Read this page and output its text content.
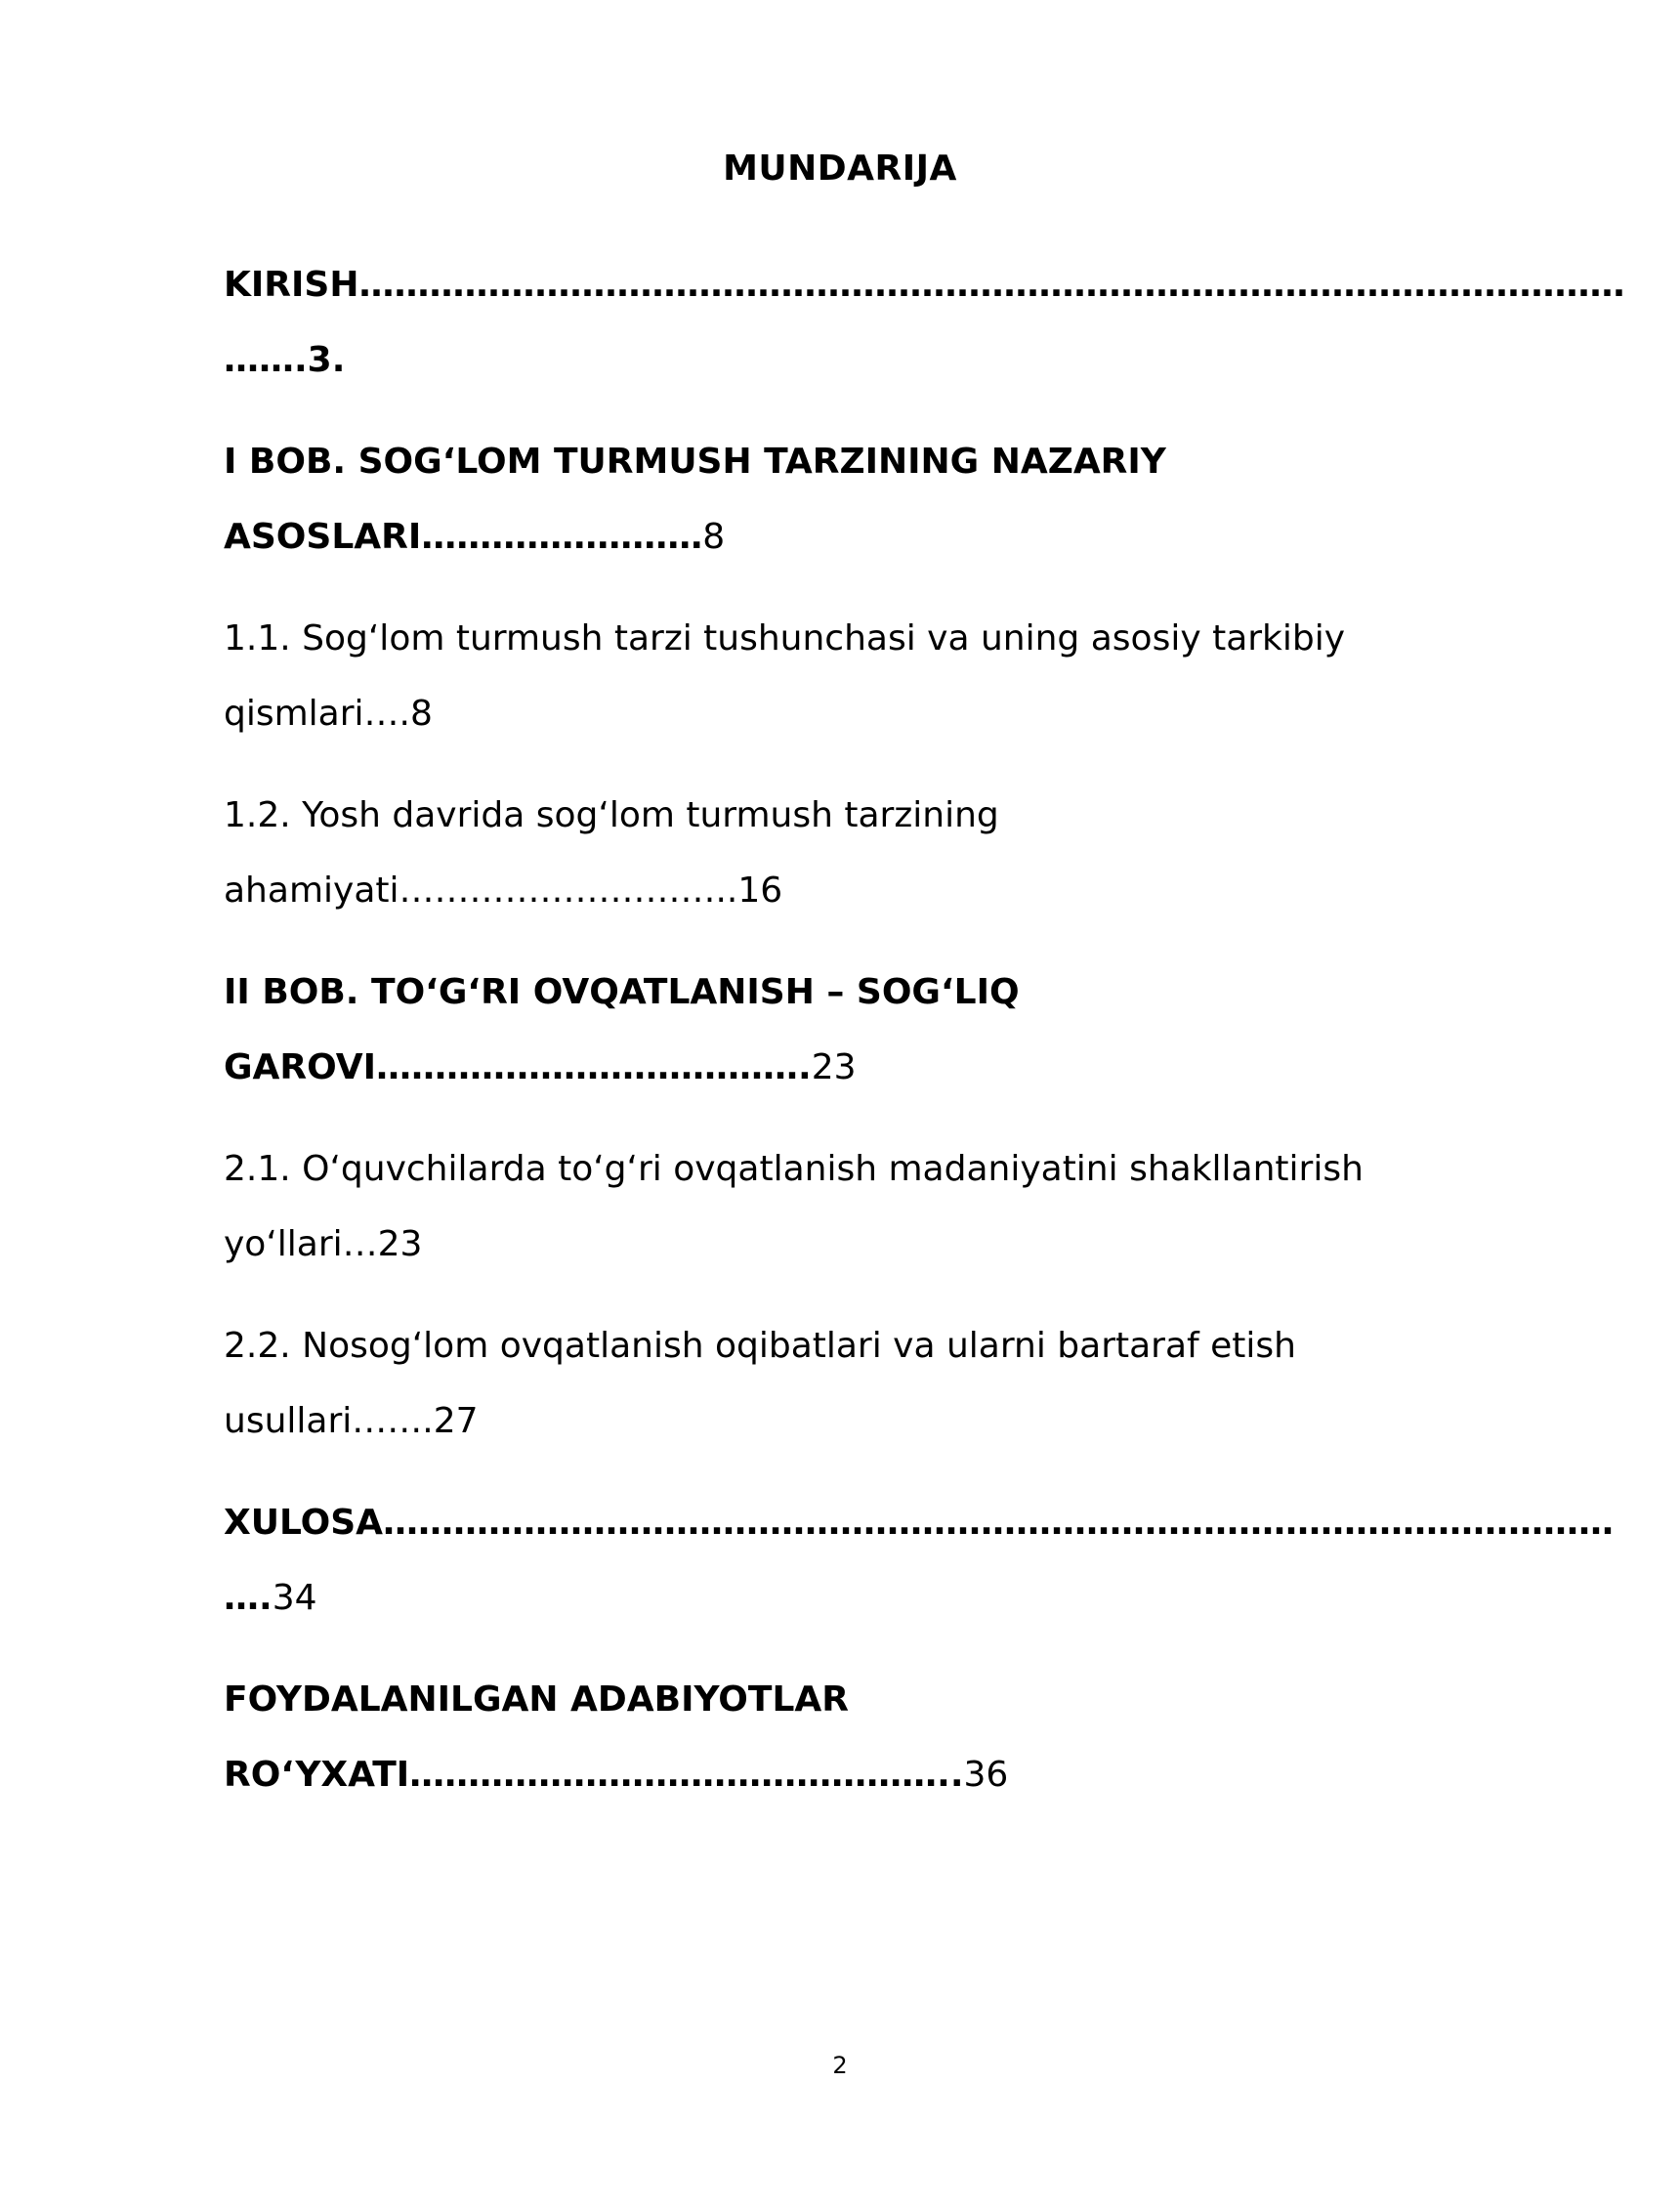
MUNDARIJA
KIRISH………………………………………………………………………………………………
…….3.
I BOB. SOG‘LOM TURMUSH TARZINING NAZARIY
ASOSLARI……………………8
1.1. Sog‘lom turmush tarzi tushunchasi va uning asosiy tarkibiy
qismlari….8
1.2. Yosh davrida sog‘lom turmush tarzining
ahamiyati………………………..16
II BOB. TO‘G‘RI OVQATLANISH – SOG‘LIQ
GAROVI……………………………….23
2.1. O‘quvchilarda to‘g‘ri ovqatlanish madaniyatini shakllantirish
yo‘llari…23
2.2. Nosog‘lom ovqatlanish oqibatlari va ularni bartaraf etish
usullari…….27
XULOSA……………………………………………………………………………………………
….34
FOYDALANILGAN ADABIYOTLAR
RO‘YXATI………………………………………..36
2
